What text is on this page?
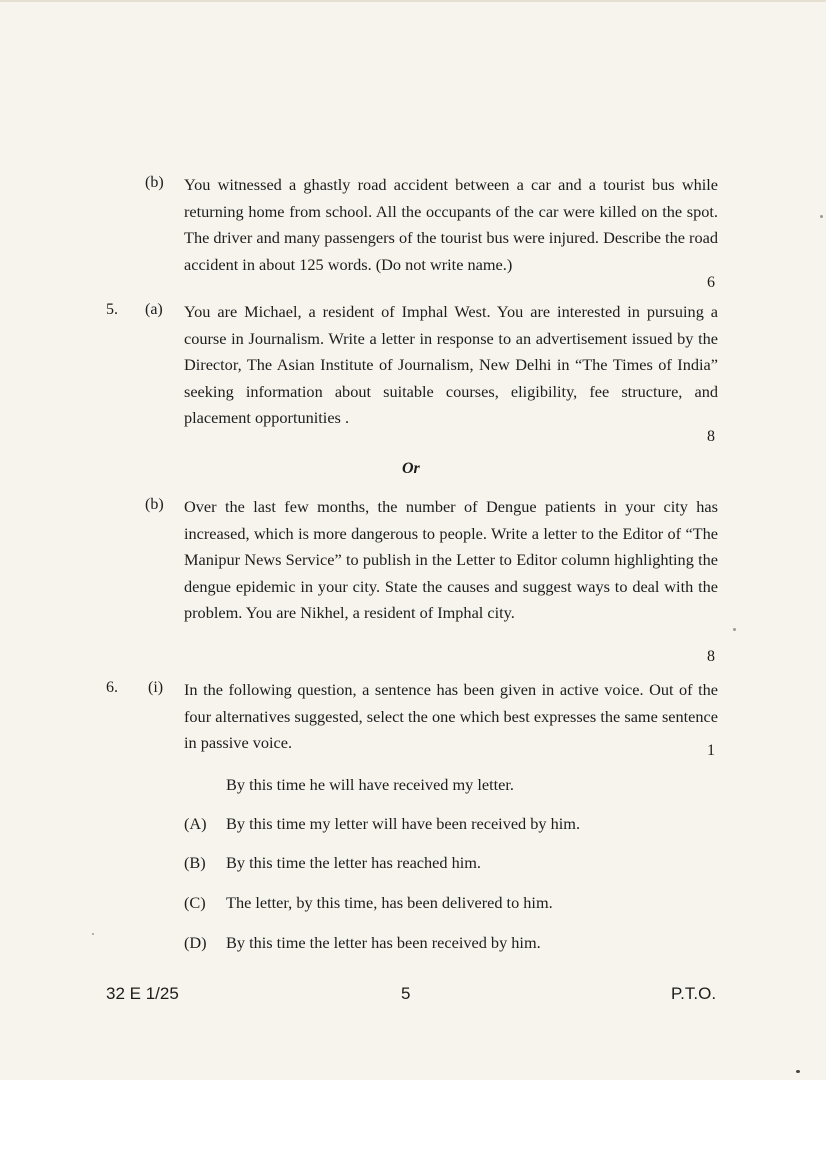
(b) You witnessed a ghastly road accident between a car and a tourist bus while returning home from school. All the occupants of the car were killed on the spot. The driver and many passengers of the tourist bus were injured. Describe the road accident in about 125 words. (Do not write name.)
6
5. (a) You are Michael, a resident of Imphal West. You are interested in pursuing a course in Journalism. Write a letter in response to an advertisement issued by the Director, The Asian Institute of Journalism, New Delhi in “The Times of India” seeking information about suitable courses, eligibility, fee structure, and placement opportunities .
8
Or
(b) Over the last few months, the number of Dengue patients in your city has increased, which is more dangerous to people. Write a letter to the Editor of “The Manipur News Service” to publish in the Letter to Editor column highlighting the dengue epidemic in your city. State the causes and suggest ways to deal with the problem. You are Nikhel, a resident of Imphal city.
8
6. (i) In the following question, a sentence has been given in active voice. Out of the four alternatives suggested, select the one which best expresses the same sentence in passive voice.	1
By this time he will have received my letter.
(A) By this time my letter will have been received by him.
(B) By this time the letter has reached him.
(C) The letter, by this time, has been delivered to him.
(D) By this time the letter has been received by him.
32 E 1/25	5	P.T.O.
